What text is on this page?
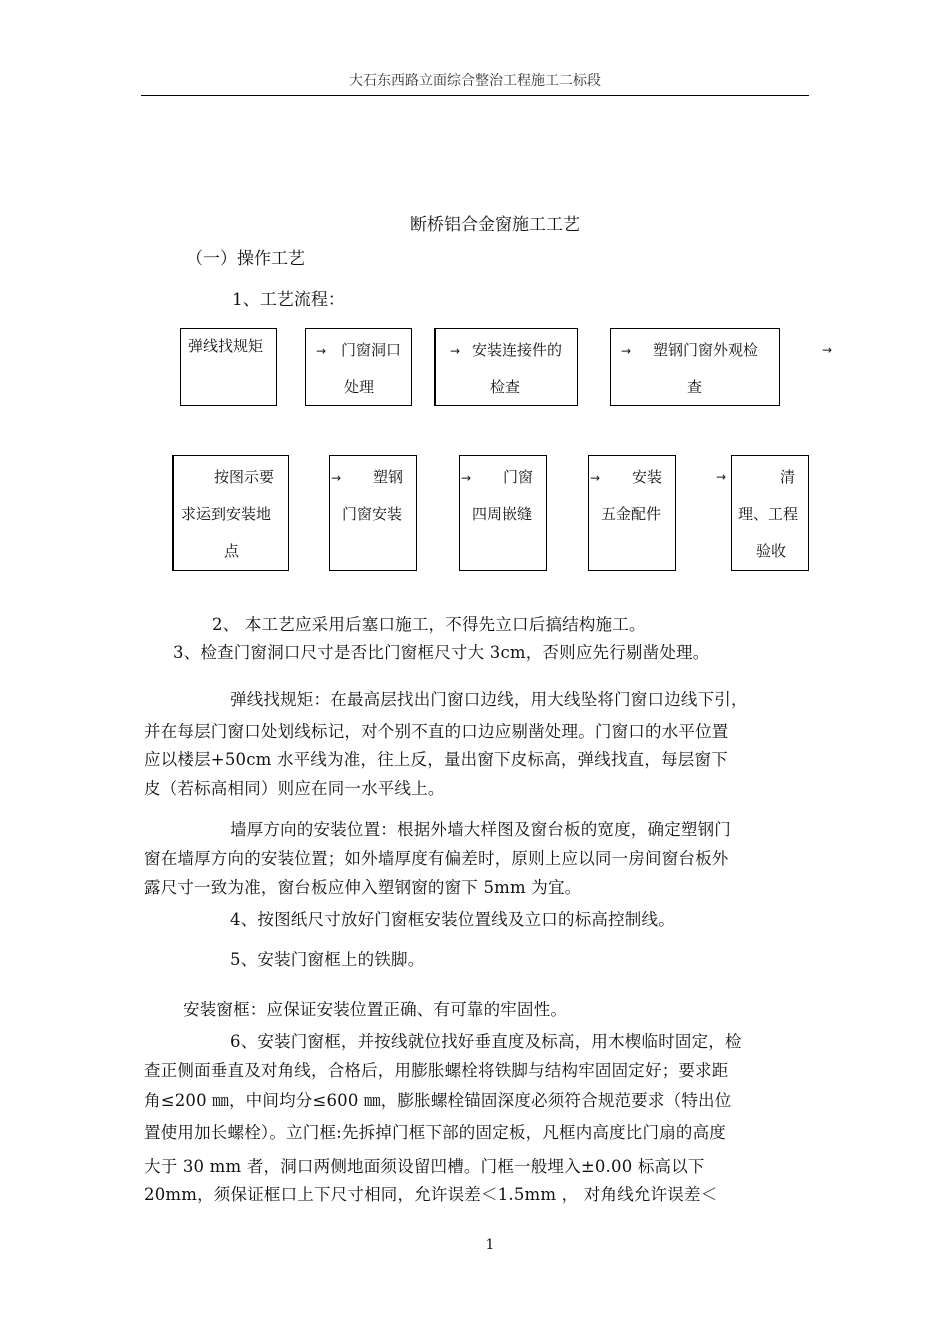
大石东西路立面综合整治工程施工二标段
断桥铝合金窗施工工艺
（一）操作工艺
1、工艺流程：
弹线找规矩	→ 门窗洞口
处理
→ 安装连接件的
检查
→ 塑钢门窗外观检
查
→
按图示要
求运到安装地
点
→ 塑钢
门窗安装
→ 门窗
四周嵌缝
→ 安装
五金配件
→	清
理、工程
验收
2、 本工艺应采用后塞口施工，不得先立口后搞结构施工。
3、检查门窗洞口尺寸是否比门窗框尺寸大 3cm，否则应先行剔凿处理。
弹线找规矩：在最高层找出门窗口边线，用大线坠将门窗口边线下引，
并在每层门窗口处划线标记，对个别不直的口边应剔凿处理。门窗口的水平位置
应以楼层+50cm 水平线为准，往上反，量出窗下皮标高，弹线找直，每层窗下
皮（若标高相同）则应在同一水平线上。
墙厚方向的安装位置：根据外墙大样图及窗台板的宽度，确定塑钢门
窗在墙厚方向的安装位置；如外墙厚度有偏差时，原则上应以同一房间窗台板外
露尺寸一致为准，窗台板应伸入塑钢窗的窗下 5mm 为宜。
4、按图纸尺寸放好门窗框安装位置线及立口的标高控制线。
5、安装门窗框上的铁脚。
安装窗框：应保证安装位置正确、有可靠的牢固性。
6、安装门窗框，并按线就位找好垂直度及标高，用木楔临时固定，检
查正侧面垂直及对角线，合格后，用膨胀螺栓将铁脚与结构牢固固定好；要求距
角≤200 ㎜，中间均分≤600 ㎜，膨胀螺栓锚固深度必须符合规范要求（特出位
置使用加长螺栓）。立门框:先拆掉门框下部的固定板，凡框内高度比门扇的高度
大于 30 mm 者，洞口两侧地面须设留凹槽。门框一般埋入±0.00 标高以下
20mm，须保证框口上下尺寸相同，允许误差＜1.5mm ， 对角线允许误差＜
1
